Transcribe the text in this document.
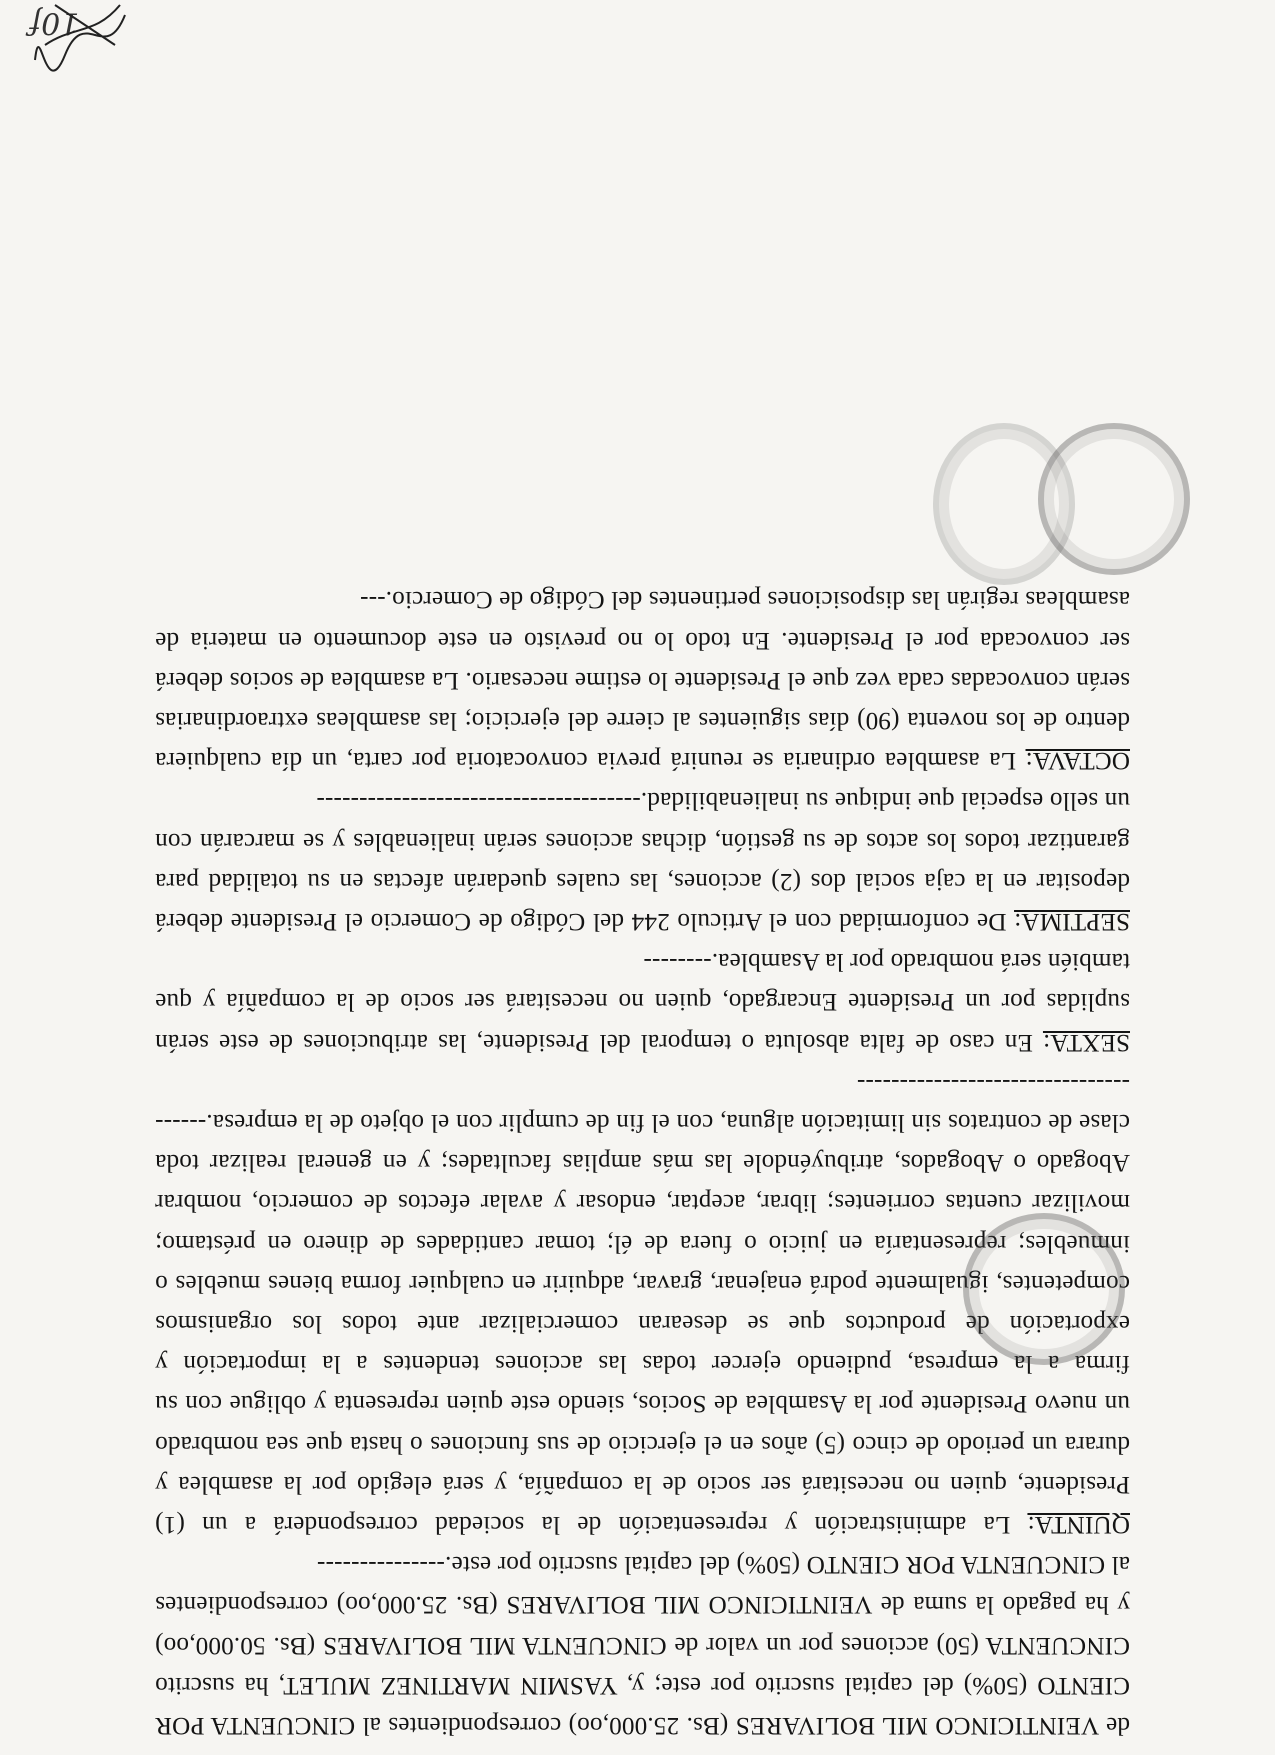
de VEINTICINCO MIL BOLIVARES (Bs. 25.000,oo) correspondientes al CINCUENTA POR CIENTO (50%) del capital suscrito por este; y, YASMIN MARTINEZ MULET, ha suscrito CINCUENTA (50) acciones por un valor de CINCUENTA MIL BOLIVARES (Bs. 50.000,oo) y ha pagado la suma de VEINTICINCO MIL BOLIVARES (Bs. 25.000,oo) correspondientes al CINCUENTA POR CIENTO (50%) del capital suscrito por este.---------------

QUINTA: La administración y representación de la sociedad corresponderá a un (1) Presidente, quien no necesitará ser socio de la compañía, y será elegido por la asamblea y durara un periodo de cinco (5) años en el ejercicio de sus funciones o hasta que sea nombrado un nuevo Presidente por la Asamblea de Socios, siendo este quien representa y obligue con su firma a la empresa, pudiendo ejercer todas las acciones tendentes a la importación y exportación de productos que se desearan comercializar ante todos los organismos competentes, igualmente podrá enajenar, gravar, adquirir en cualquier forma bienes muebles o inmuebles; representaría en juicio o fuera de él; tomar cantidades de dinero en préstamo; movilizar cuentas corrientes; librar, aceptar, endosar y avalar efectos de comercio, nombrar Abogado o Abogados, atribuyéndole las más amplias facultades; y en general realizar toda clase de contratos sin limitación alguna, con el fin de cumplir con el objeto de la empresa.--------------------------------------

SEXTA: En caso de falta absoluta o temporal del Presidente, las atribuciones de este serán suplidas por un Presidente Encargado, quien no necesitará ser socio de la compañía y que también será nombrado por la Asamblea.--------

SEPTIMA: De conformidad con el Articulo 244 del Código de Comercio el Presidente deberá depositar en la caja social dos (2) acciones, las cuales quedarán afectas en su totalidad para garantizar todos los actos de su gestión, dichas acciones serán inalienables y se marcarán con un sello especial que indique su inalienabilidad.--------------------------------------

OCTAVA: La asamblea ordinaria se reunirá previa convocatoria por carta, un día cualquiera dentro de los noventa (90) días siguientes al cierre del ejercicio; las asambleas extraordinarias serán convocadas cada vez que el Presidente lo estime necesario. La asamblea de socios deberá ser convocada por el Presidente. En todo lo no previsto en este documento en materia de asambleas regirán las disposiciones pertinentes del Código de Comercio.---

10f
